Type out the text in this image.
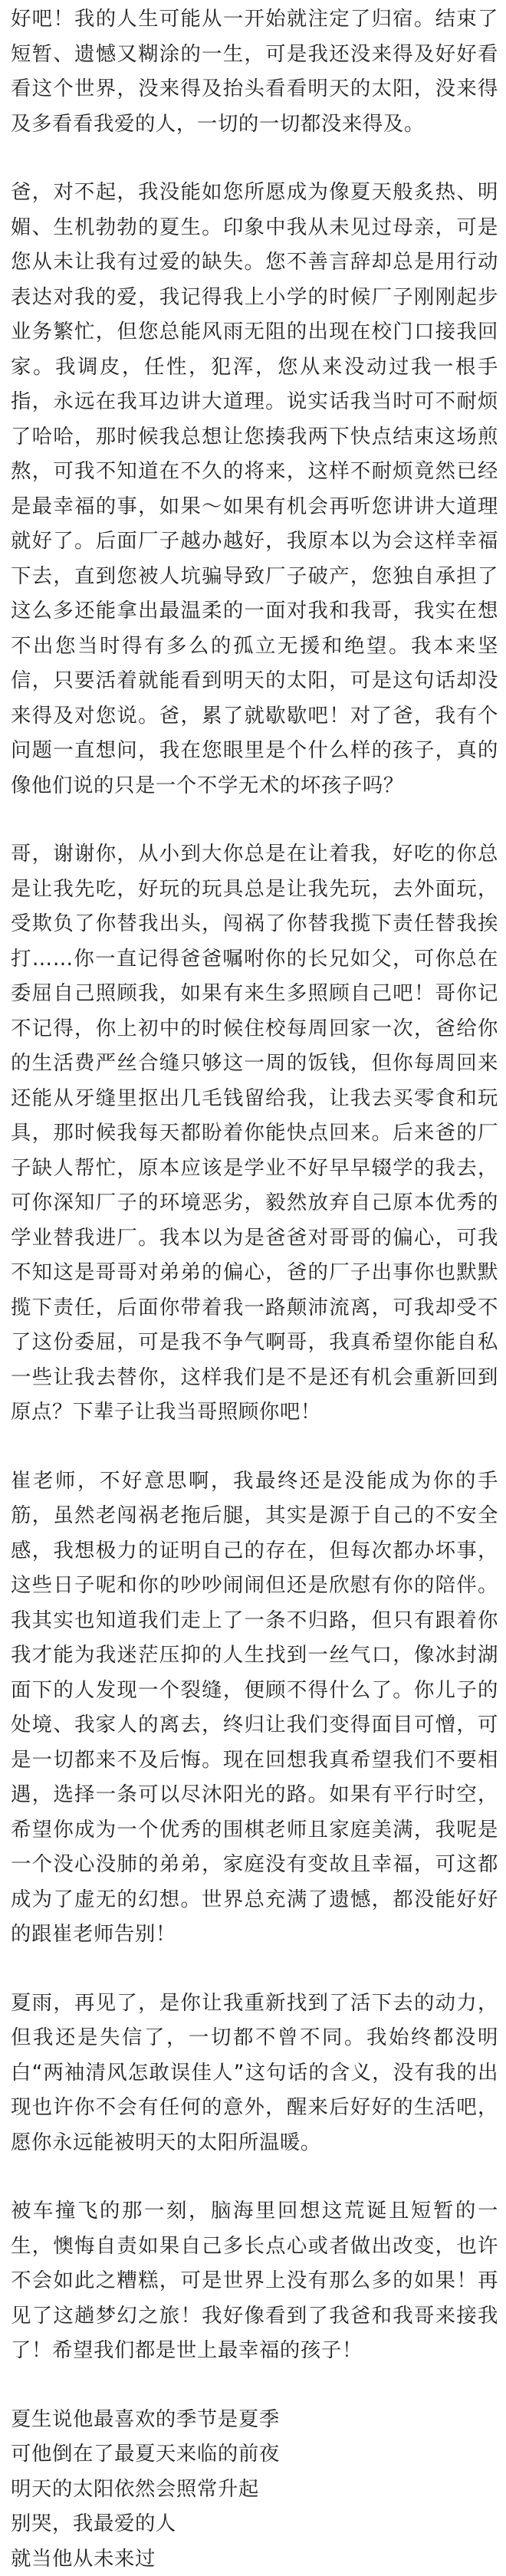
好吧！我的人生可能从一开始就注定了归宿。结束了短暂、遗憾又糊涂的一生，可是我还没来得及好好看看这个世界，没来得及抬头看看明天的太阳，没来得及多看看我爱的人，一切的一切都没来得及。

爸，对不起，我没能如您所愿成为像夏天般炙热、明媚、生机勃勃的夏生。印象中我从未见过母亲，可是您从未让我有过爱的缺失。您不善言辞却总是用行动表达对我的爱，我记得我上小学的时候厂子刚刚起步业务繁忙，但您总能风雨无阻的出现在校门口接我回家。我调皮，任性，犯浑，您从来没动过我一根手指，永远在我耳边讲大道理。说实话我当时可不耐烦了哈哈，那时候我总想让您揍我两下快点结束这场煎熬，可我不知道在不久的将来，这样不耐烦竟然已经是最幸福的事，如果～如果有机会再听您讲讲大道理就好了。后面厂子越办越好，我原本以为会这样幸福下去，直到您被人坑骗导致厂子破产，您独自承担了这么多还能拿出最温柔的一面对我和我哥，我实在想不出您当时得有多么的孤立无援和绝望。我本来坚信，只要活着就能看到明天的太阳，可是这句话却没来得及对您说。爸，累了就歇歇吧！对了爸，我有个问题一直想问，我在您眼里是个什么样的孩子，真的像他们说的只是一个不学无术的坏孩子吗？

哥，谢谢你，从小到大你总是在让着我，好吃的你总是让我先吃，好玩的玩具总是让我先玩，去外面玩，受欺负了你替我出头，闯祸了你替我揽下责任替我挨打……你一直记得爸爸嘱咐你的长兄如父，可你总在委屈自己照顾我，如果有来生多照顾自己吧！哥你记不记得，你上初中的时候住校每周回家一次，爸给你的生活费严丝合缝只够这一周的饭钱，但你每周回来还能从牙缝里抠出几毛钱留给我，让我去买零食和玩具，那时候我每天都盼着你能快点回来。后来爸的厂子缺人帮忙，原本应该是学业不好早早辍学的我去，可你深知厂子的环境恶劣，毅然放弃自己原本优秀的学业替我进厂。我本以为是爸爸对哥哥的偏心，可我不知这是哥哥对弟弟的偏心，爸的厂子出事你也默默揽下责任，后面你带着我一路颠沛流离，可我却受不了这份委屈，可是我不争气啊哥，我真希望你能自私一些让我去替你，这样我们是不是还有机会重新回到原点？下辈子让我当哥照顾你吧！

崔老师，不好意思啊，我最终还是没能成为你的手筋，虽然老闯祸老拖后腿，其实是源于自己的不安全感，我想极力的证明自己的存在，但每次都办坏事，这些日子呢和你的吵吵闹闹但还是欣慰有你的陪伴。我其实也知道我们走上了一条不归路，但只有跟着你我才能为我迷茫压抑的人生找到一丝气口，像冰封湖面下的人发现一个裂缝，便顾不得什么了。你儿子的处境、我家人的离去，终归让我们变得面目可憎，可是一切都来不及后悔。现在回想我真希望我们不要相遇，选择一条可以尽沐阳光的路。如果有平行时空，希望你成为一个优秀的围棋老师且家庭美满，我呢是一个没心没肺的弟弟，家庭没有变故且幸福，可这都成为了虚无的幻想。世界总充满了遗憾，都没能好好的跟崔老师告别！

夏雨，再见了，是你让我重新找到了活下去的动力，但我还是失信了，一切都不曾不同。我始终都没明白“两袖清风怎敢误佳人”这句话的含义，没有我的出现也许你不会有任何的意外，醒来后好好的生活吧，愿你永远能被明天的太阳所温暖。

被车撞飞的那一刻，脑海里回想这荒诞且短暂的一生，懊悔自责如果自己多长点心或者做出改变，也许不会如此之糟糕，可是世界上没有那么多的如果！再见了这趟梦幻之旅！我好像看到了我爸和我哥来接我了！希望我们都是世上最幸福的孩子！

夏生说他最喜欢的季节是夏季
可他倒在了最夏天来临的前夜
明天的太阳依然会照常升起
别哭，我最爱的人
就当他从未来过
